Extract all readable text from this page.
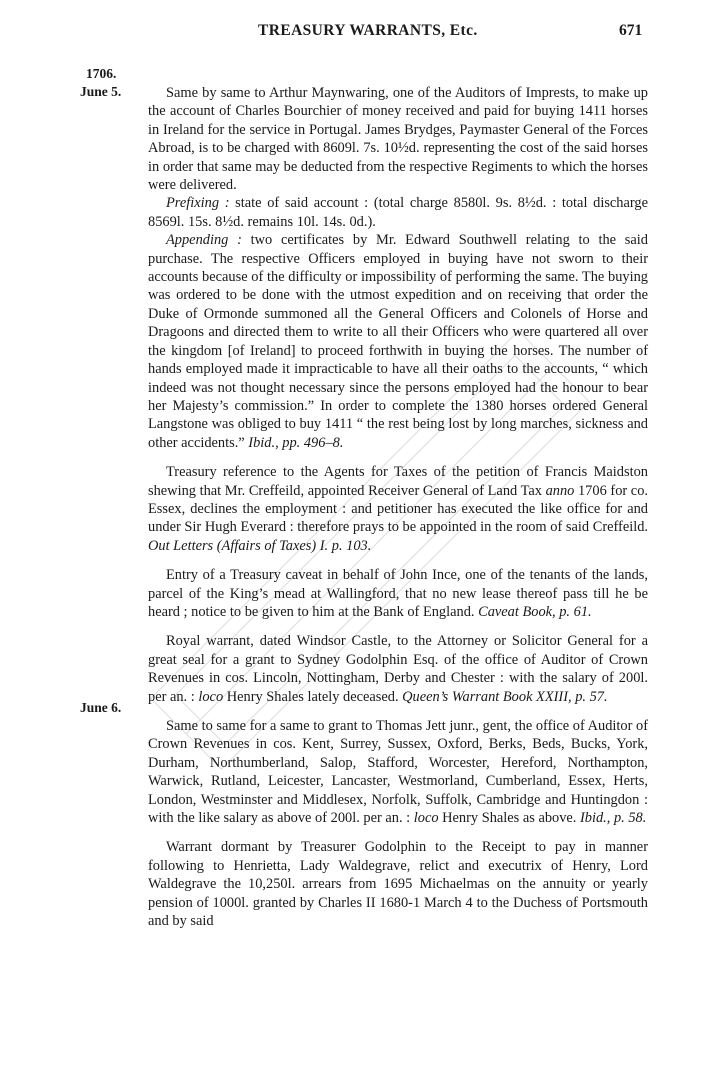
TREASURY WARRANTS, Etc.	671
1706.
June 5.
June 6.

Same by same to Arthur Maynwaring, one of the Auditors of Imprests, to make up the account of Charles Bourchier of money received and paid for buying 1411 horses in Ireland for the service in Portugal. James Brydges, Paymaster General of the Forces Abroad, is to be charged with 8609l. 7s. 10½d. representing the cost of the said horses in order that same may be deducted from the respective Regiments to which the horses were delivered.

Prefixing : state of said account : (total charge 8580l. 9s. 8½d. : total discharge 8569l. 15s. 8½d. remains 10l. 14s. 0d.).

Appending : two certificates by Mr. Edward Southwell relating to the said purchase. The respective Officers employed in buying have not sworn to their accounts because of the difficulty or impossibility of performing the same. The buying was ordered to be done with the utmost expedition and on receiving that order the Duke of Ormonde summoned all the General Officers and Colonels of Horse and Dragoons and directed them to write to all their Officers who were quartered all over the kingdom [of Ireland] to proceed forthwith in buying the horses. The number of hands employed made it impracticable to have all their oaths to the accounts, “ which indeed was not thought necessary since the persons employed had the honour to bear her Majesty’s commission.” In order to complete the 1380 horses ordered General Langstone was obliged to buy 1411 “ the rest being lost by long marches, sickness and other accidents.” Ibid., pp. 496–8.

Treasury reference to the Agents for Taxes of the petition of Francis Maidston shewing that Mr. Creffeild, appointed Receiver General of Land Tax anno 1706 for co. Essex, declines the employment : and petitioner has executed the like office for and under Sir Hugh Everard : therefore prays to be appointed in the room of said Creffeild. Out Letters (Affairs of Taxes) I. p. 103.

Entry of a Treasury caveat in behalf of John Ince, one of the tenants of the lands, parcel of the King’s mead at Wallingford, that no new lease thereof pass till he be heard ; notice to be given to him at the Bank of England. Caveat Book, p. 61.

Royal warrant, dated Windsor Castle, to the Attorney or Solicitor General for a great seal for a grant to Sydney Godolphin Esq. of the office of Auditor of Crown Revenues in cos. Lincoln, Nottingham, Derby and Chester : with the salary of 200l. per an. : loco Henry Shales lately deceased. Queen’s Warrant Book XXIII, p. 57.

Same to same for a same to grant to Thomas Jett junr., gent, the office of Auditor of Crown Revenues in cos. Kent, Surrey, Sussex, Oxford, Berks, Beds, Bucks, York, Durham, Northumberland, Salop, Stafford, Worcester, Hereford, Northampton, Warwick, Rutland, Leicester, Lancaster, Westmorland, Cumberland, Essex, Herts, London, Westminster and Middlesex, Norfolk, Suffolk, Cambridge and Huntingdon : with the like salary as above of 200l. per an. : loco Henry Shales as above. Ibid., p. 58.

Warrant dormant by Treasurer Godolphin to the Receipt to pay in manner following to Henrietta, Lady Waldegrave, relict and executrix of Henry, Lord Waldegrave the 10,250l. arrears from 1695 Michaelmas on the annuity or yearly pension of 1000l. granted by Charles II 1680-1 March 4 to the Duchess of Portsmouth and by said
